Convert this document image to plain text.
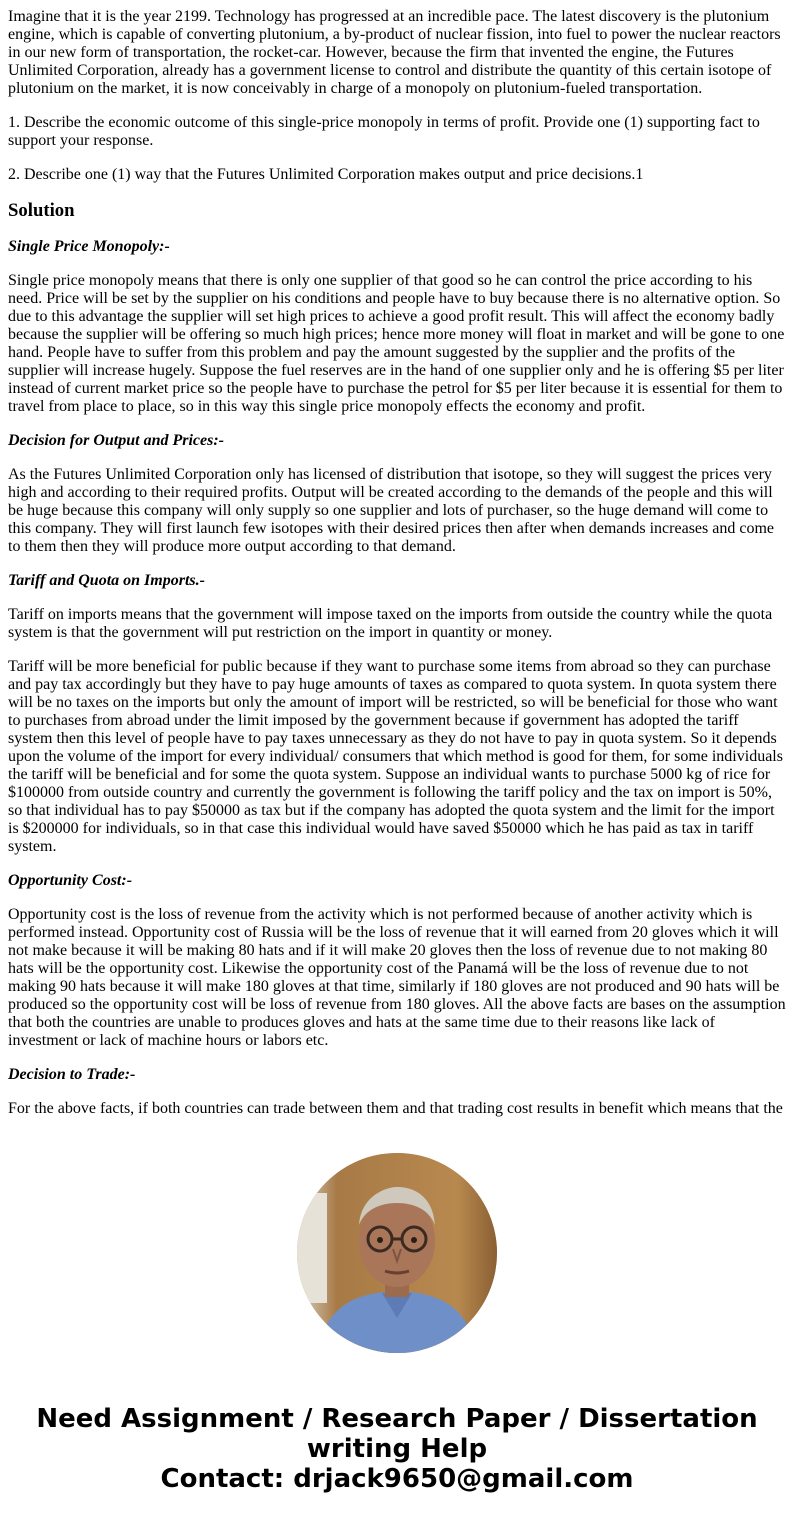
Imagine that it is the year 2199. Technology has progressed at an incredible pace. The latest discovery is the plutonium engine, which is capable of converting plutonium, a by-product of nuclear fission, into fuel to power the nuclear reactors in our new form of transportation, the rocket-car. However, because the firm that invented the engine, the Futures Unlimited Corporation, already has a government license to control and distribute the quantity of this certain isotope of plutonium on the market, it is now conceivably in charge of a monopoly on plutonium-fueled transportation.

1. Describe the economic outcome of this single-price monopoly in terms of profit. Provide one (1) supporting fact to support your response.

2. Describe one (1) way that the Futures Unlimited Corporation makes output and price decisions.1

Solution
Single Price Monopoly:-

Single price monopoly means that there is only one supplier of that good so he can control the price according to his need. Price will be set by the supplier on his conditions and people have to buy because there is no alternative option. So due to this advantage the supplier will set high prices to achieve a good profit result. This will affect the economy badly because the supplier will be offering so much high prices; hence more money will float in market and will be gone to one hand. People have to suffer from this problem and pay the amount suggested by the supplier and the profits of the supplier will increase hugely. Suppose the fuel reserves are in the hand of one supplier only and he is offering $5 per liter instead of current market price so the people have to purchase the petrol for $5 per liter because it is essential for them to travel from place to place, so in this way this single price monopoly effects the economy and profit.

Decision for Output and Prices:-

As the Futures Unlimited Corporation only has licensed of distribution that isotope, so they will suggest the prices very high and according to their required profits. Output will be created according to the demands of the people and this will be huge because this company will only supply so one supplier and lots of purchaser, so the huge demand will come to this company. They will first launch few isotopes with their desired prices then after when demands increases and come to them then they will produce more output according to that demand.

Tariff and Quota on Imports.-

Tariff on imports means that the government will impose taxed on the imports from outside the country while the quota system is that the government will put restriction on the import in quantity or money.

Tariff will be more beneficial for public because if they want to purchase some items from abroad so they can purchase and pay tax accordingly but they have to pay huge amounts of taxes as compared to quota system. In quota system there will be no taxes on the imports but only the amount of import will be restricted, so will be beneficial for those who want to purchases from abroad under the limit imposed by the government because if government has adopted the tariff system then this level of people have to pay taxes unnecessary as they do not have to pay in quota system. So it depends upon the volume of the import for every individual/ consumers that which method is good for them, for some individuals the tariff will be beneficial and for some the quota system. Suppose an individual wants to purchase 5000 kg of rice for $100000 from outside country and currently the government is following the tariff policy and the tax on import is 50%, so that individual has to pay $50000 as tax but if the company has adopted the quota system and the limit for the import is $200000 for individuals, so in that case this individual would have saved $50000 which he has paid as tax in tariff system.

Opportunity Cost:-

Opportunity cost is the loss of revenue from the activity which is not performed because of another activity which is performed instead. Opportunity cost of Russia will be the loss of revenue that it will earned from 20 gloves which it will not make because it will be making 80 hats and if it will make 20 gloves then the loss of revenue due to not making 80 hats will be the opportunity cost. Likewise the opportunity cost of the Panamá will be the loss of revenue due to not making 90 hats because it will make 180 gloves at that time, similarly if 180 gloves are not produced and 90 hats will be produced so the opportunity cost will be loss of revenue from 180 gloves. All the above facts are bases on the assumption that both the countries are unable to produces gloves and hats at the same time due to their reasons like lack of investment or lack of machine hours or labors etc.

Decision to Trade:-

For the above facts, if both countries can trade between them and that trading cost results in benefit which means that the

Need Assignment / Research Paper / Dissertation writing Help
Contact: drjack9650@gmail.com
